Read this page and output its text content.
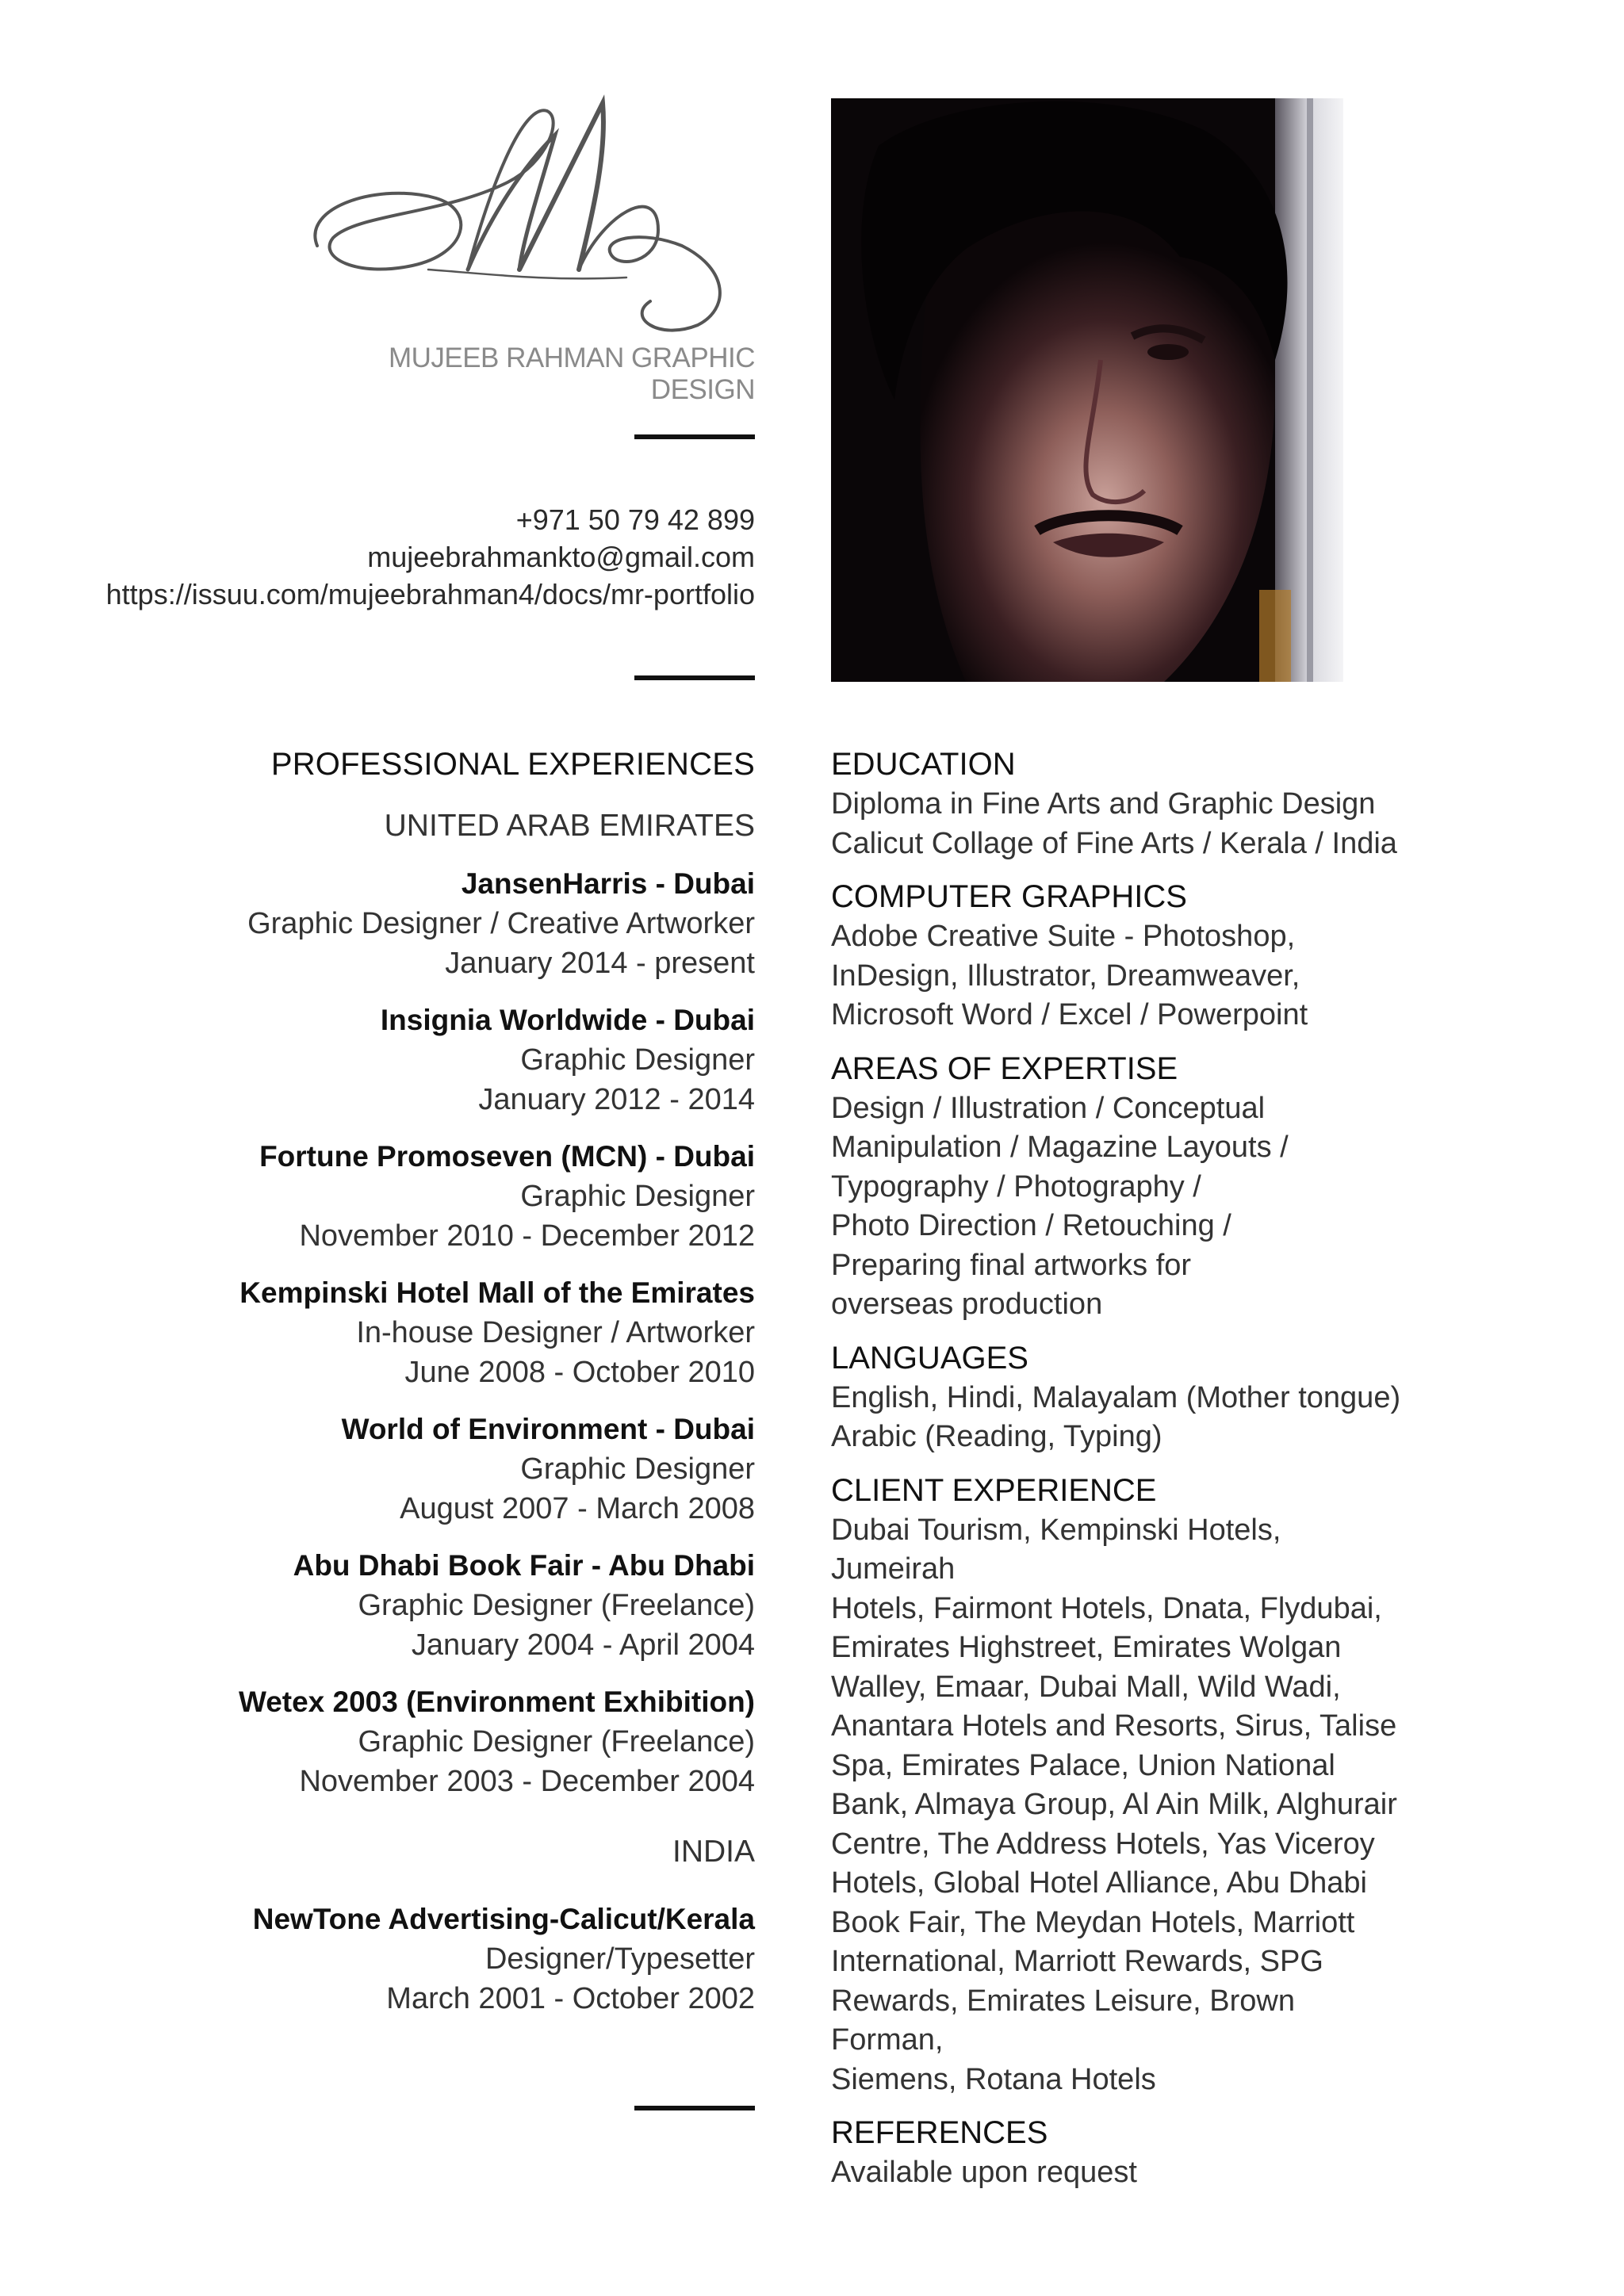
MUJEEB RAHMAN GRAPHIC DESIGN
+971 50 79 42 899
mujeebrahmankto@gmail.com
https://issuu.com/mujeebrahman4/docs/mr-portfolio
PROFESSIONAL EXPERIENCES
UNITED ARAB EMIRATES
JansenHarris - Dubai
Graphic Designer / Creative Artworker
January 2014 - present
Insignia Worldwide - Dubai
Graphic Designer
January 2012 - 2014
Fortune Promoseven (MCN) - Dubai
Graphic Designer
November 2010 - December 2012
Kempinski Hotel Mall of the Emirates
In-house Designer / Artworker
June 2008 - October 2010
World of Environment - Dubai
Graphic Designer
August 2007 - March 2008
Abu Dhabi Book Fair - Abu Dhabi
Graphic Designer (Freelance)
January 2004 - April 2004
Wetex 2003 (Environment Exhibition)
Graphic Designer (Freelance)
November 2003 - December 2004
INDIA
NewTone Advertising-Calicut/Kerala
Designer/Typesetter
March 2001 - October 2002
EDUCATION
Diploma in Fine Arts and Graphic Design
Calicut Collage of Fine Arts / Kerala / India
COMPUTER GRAPHICS
Adobe Creative Suite - Photoshop,
InDesign, Illustrator, Dreamweaver,
Microsoft Word / Excel / Powerpoint
AREAS OF EXPERTISE
Design / Illustration / Conceptual
Manipulation / Magazine Layouts /
Typography / Photography /
Photo Direction / Retouching /
Preparing final artworks for
overseas production
LANGUAGES
English, Hindi, Malayalam (Mother tongue)
Arabic (Reading, Typing)
CLIENT EXPERIENCE
Dubai Tourism, Kempinski Hotels, Jumeirah
Hotels, Fairmont Hotels, Dnata, Flydubai,
Emirates Highstreet, Emirates Wolgan
Walley, Emaar, Dubai Mall, Wild Wadi,
Anantara Hotels and Resorts, Sirus, Talise
Spa, Emirates Palace, Union National
Bank, Almaya Group, Al Ain Milk, Alghurair
Centre, The Address Hotels, Yas Viceroy
Hotels, Global Hotel Alliance, Abu Dhabi
Book Fair, The Meydan Hotels, Marriott
International, Marriott Rewards, SPG
Rewards, Emirates Leisure, Brown Forman,
Siemens, Rotana Hotels
REFERENCES
Available upon request
